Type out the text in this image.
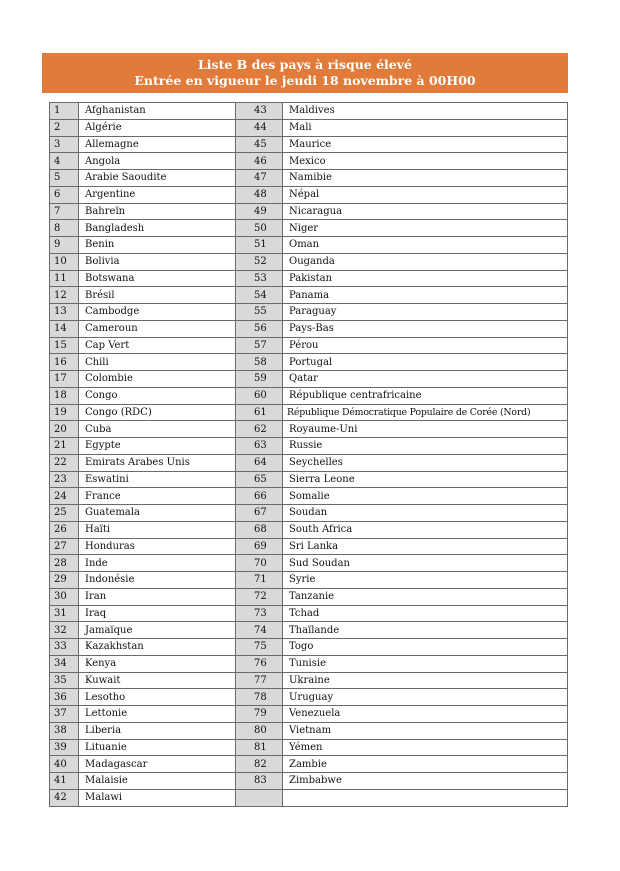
Liste B des pays à risque élevé
Entrée en vigueur le jeudi 18 novembre à 00H00
1	Afghanistan	43	Maldives
2	Algérie	44	Mali
3	Allemagne	45	Maurice
4	Angola	46	Mexico
5	Arabie Saoudite	47	Namibie
6	Argentine	48	Népal
7	Bahreïn	49	Nicaragua
8	Bangladesh	50	Niger
9	Benin	51	Oman
10	Bolivia	52	Ouganda
11	Botswana	53	Pakistan
12	Brésil	54	Panama
13	Cambodge	55	Paraguay
14	Cameroun	56	Pays-Bas
15	Cap Vert	57	Pérou
16	Chili	58	Portugal
17	Colombie	59	Qatar
18	Congo	60	République centrafricaine
19	Congo (RDC)	61	République Démocratique Populaire de Corée (Nord)
20	Cuba	62	Royaume-Uni
21	Egypte	63	Russie
22	Emirats Arabes Unis	64	Seychelles
23	Eswatini	65	Sierra Leone
24	France	66	Somalie
25	Guatemala	67	Soudan
26	Haïti	68	South Africa
27	Honduras	69	Sri Lanka
28	Inde	70	Sud Soudan
29	Indonésie	71	Syrie
30	Iran	72	Tanzanie
31	Iraq	73	Tchad
32	Jamaïque	74	Thaïlande
33	Kazakhstan	75	Togo
34	Kenya	76	Tunisie
35	Kuwait	77	Ukraine
36	Lesotho	78	Uruguay
37	Lettonie	79	Venezuela
38	Liberia	80	Vietnam
39	Lituanie	81	Yémen
40	Madagascar	82	Zambie
41	Malaisie	83	Zimbabwe
42	Malawi		
